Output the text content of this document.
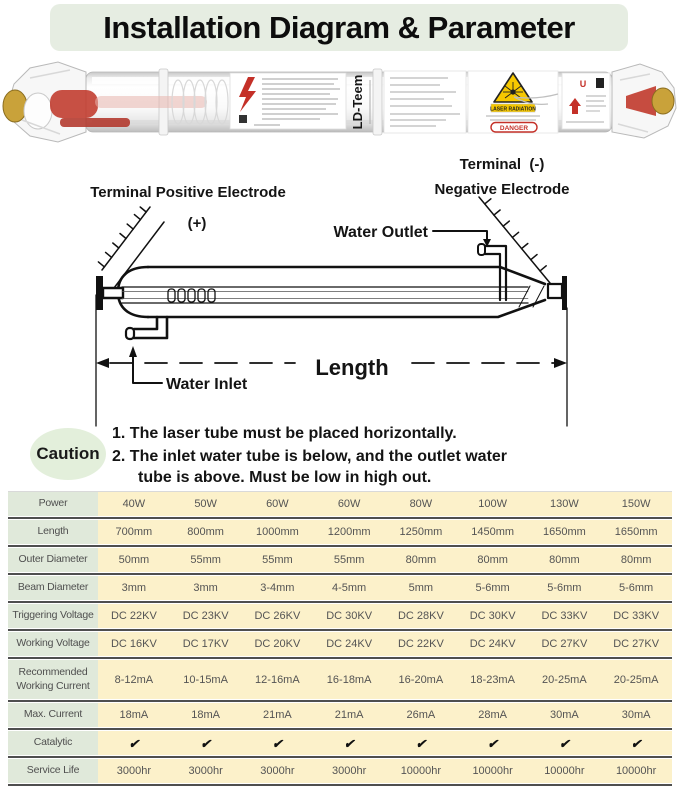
Installation Diagram & Parameter
LD-Teem	LASER RADIATION
DANGER
U
Terminal  (-)
Negative Electrode
Terminal Positive Electrode
(+)
Water Outlet
Water Inlet
Length
Caution
1. The laser tube must be placed horizontally.
2. The inlet water tube is below, and the outlet water
tube is above. Must be low in high out.
Power	40W	50W	60W	60W	80W	100W	130W	150W
Length	700mm	800mm	1000mm	1200mm	1250mm	1450mm	1650mm	1650mm
Outer Diameter	50mm	55mm	55mm	55mm	80mm	80mm	80mm	80mm
Beam Diameter	3mm	3mm	3-4mm	4-5mm	5mm	5-6mm	5-6mm	5-6mm
Triggering Voltage	DC 22KV	DC 23KV	DC 26KV	DC 30KV	DC 28KV	DC 30KV	DC 33KV	DC 33KV
Working Voltage	DC 16KV	DC 17KV	DC 20KV	DC 24KV	DC 22KV	DC 24KV	DC 27KV	DC 27KV
Recommended Working Current	8-12mA	10-15mA	12-16mA	16-18mA	16-20mA	18-23mA	20-25mA	20-25mA
Max. Current	18mA	18mA	21mA	21mA	26mA	28mA	30mA	30mA
Catalytic	✔	✔	✔	✔	✔	✔	✔	✔
Service Life	3000hr	3000hr	3000hr	3000hr	10000hr	10000hr	10000hr	10000hr
